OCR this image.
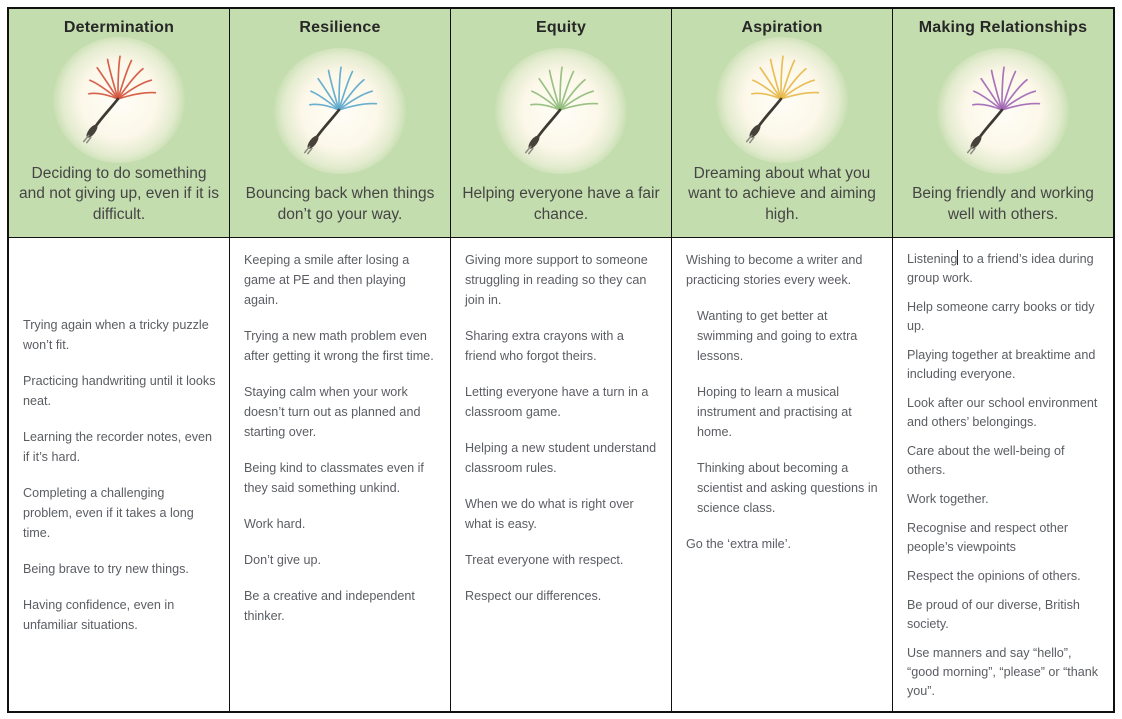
Determination
Deciding to do something and not giving up, even if it is difficult.

Trying again when a tricky puzzle won’t fit.

Practicing handwriting until it looks neat.

Learning the recorder notes, even if it’s hard.

Completing a challenging problem, even if it takes a long time.

Being brave to try new things.

Having confidence, even in unfamiliar situations.

Resilience
Bouncing back when things don’t go your way.

Keeping a smile after losing a game at PE and then playing again.

Trying a new math problem even after getting it wrong the first time.

Staying calm when your work doesn’t turn out as planned and starting over.

Being kind to classmates even if they said something unkind.

Work hard.

Don’t give up.

Be a creative and independent thinker.

Equity
Helping everyone have a fair chance.

Giving more support to someone struggling in reading so they can join in.

Sharing extra crayons with a friend who forgot theirs.

Letting everyone have a turn in a classroom game.

Helping a new student understand classroom rules.

When we do what is right over what is easy.

Treat everyone with respect.

Respect our differences.

Aspiration
Dreaming about what you want to achieve and aiming high.

Wishing to become a writer and practicing stories every week.

Wanting to get better at swimming and going to extra lessons.

Hoping to learn a musical instrument and practising at home.

Thinking about becoming a scientist and asking questions in science class.

Go the ‘extra mile’.

Making Relationships
Being friendly and working well with others.

Listening to a friend’s idea during group work.

Help someone carry books or tidy up.

Playing together at breaktime and including everyone.

Look after our school environment and others’ belongings.

Care about the well-being of others.

Work together.

Recognise and respect other people’s viewpoints

Respect the opinions of others.

Be proud of our diverse, British society.

Use manners and say “hello”, “good morning”, “please” or “thank you”.
